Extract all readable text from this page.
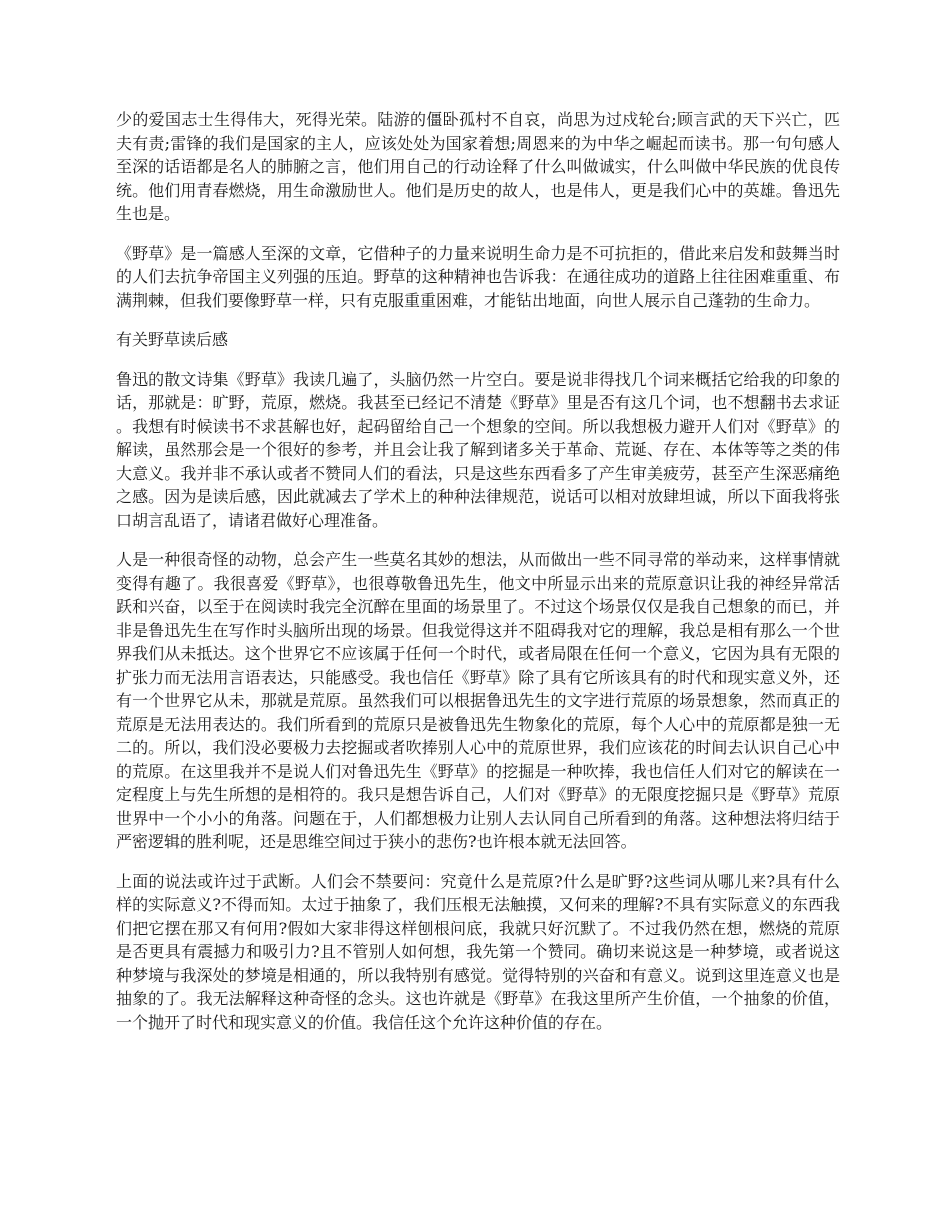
少的爱国志士生得伟大，死得光荣。陆游的僵卧孤村不自哀，尚思为过戍轮台;顾言武的天下兴亡，匹夫有责;雷锋的我们是国家的主人，应该处处为国家着想;周恩来的为中华之崛起而读书。那一句句感人至深的话语都是名人的肺腑之言，他们用自己的行动诠释了什么叫做诚实，什么叫做中华民族的优良传统。他们用青春燃烧，用生命激励世人。他们是历史的故人，也是伟人，更是我们心中的英雄。鲁迅先生也是。

《野草》是一篇感人至深的文章，它借种子的力量来说明生命力是不可抗拒的，借此来启发和鼓舞当时的人们去抗争帝国主义列强的压迫。野草的这种精神也告诉我：在通往成功的道路上往往困难重重、布满荆棘，但我们要像野草一样，只有克服重重困难，才能钻出地面，向世人展示自己蓬勃的生命力。

有关野草读后感

鲁迅的散文诗集《野草》我读几遍了，头脑仍然一片空白。要是说非得找几个词来概括它给我的印象的话，那就是：旷野，荒原，燃烧。我甚至已经记不清楚《野草》里是否有这几个词，也不想翻书去求证。我想有时候读书不求甚解也好，起码留给自己一个想象的空间。所以我想极力避开人们对《野草》的解读，虽然那会是一个很好的参考，并且会让我了解到诸多关于革命、荒诞、存在、本体等等之类的伟大意义。我并非不承认或者不赞同人们的看法，只是这些东西看多了产生审美疲劳，甚至产生深恶痛绝之感。因为是读后感，因此就减去了学术上的种种法律规范，说话可以相对放肆坦诚，所以下面我将张口胡言乱语了，请诸君做好心理准备。

人是一种很奇怪的动物，总会产生一些莫名其妙的想法，从而做出一些不同寻常的举动来，这样事情就变得有趣了。我很喜爱《野草》，也很尊敬鲁迅先生，他文中所显示出来的荒原意识让我的神经异常活跃和兴奋，以至于在阅读时我完全沉醉在里面的场景里了。不过这个场景仅仅是我自己想象的而已，并非是鲁迅先生在写作时头脑所出现的场景。但我觉得这并不阻碍我对它的理解，我总是相有那么一个世界我们从未抵达。这个世界它不应该属于任何一个时代，或者局限在任何一个意义，它因为具有无限的扩张力而无法用言语表达，只能感受。我也信任《野草》除了具有它所该具有的时代和现实意义外，还有一个世界它从未，那就是荒原。虽然我们可以根据鲁迅先生的文字进行荒原的场景想象，然而真正的荒原是无法用表达的。我们所看到的荒原只是被鲁迅先生物象化的荒原，每个人心中的荒原都是独一无二的。所以，我们没必要极力去挖掘或者吹捧别人心中的荒原世界，我们应该花的时间去认识自己心中的荒原。在这里我并不是说人们对鲁迅先生《野草》的挖掘是一种吹捧，我也信任人们对它的解读在一定程度上与先生所想的是相符的。我只是想告诉自己，人们对《野草》的无限度挖掘只是《野草》荒原世界中一个小小的角落。问题在于，人们都想极力让别人去认同自己所看到的角落。这种想法将归结于严密逻辑的胜利呢，还是思维空间过于狭小的悲伤?也许根本就无法回答。

上面的说法或许过于武断。人们会不禁要问：究竟什么是荒原?什么是旷野?这些词从哪儿来?具有什么样的实际意义?不得而知。太过于抽象了，我们压根无法触摸，又何来的理解?不具有实际意义的东西我们把它摆在那又有何用?假如大家非得这样刨根问底，我就只好沉默了。不过我仍然在想，燃烧的荒原是否更具有震撼力和吸引力?且不管别人如何想，我先第一个赞同。确切来说这是一种梦境，或者说这种梦境与我深处的梦境是相通的，所以我特别有感觉。觉得特别的兴奋和有意义。说到这里连意义也是抽象的了。我无法解释这种奇怪的念头。这也许就是《野草》在我这里所产生价值，一个抽象的价值，一个抛开了时代和现实意义的价值。我信任这个允许这种价值的存在。
